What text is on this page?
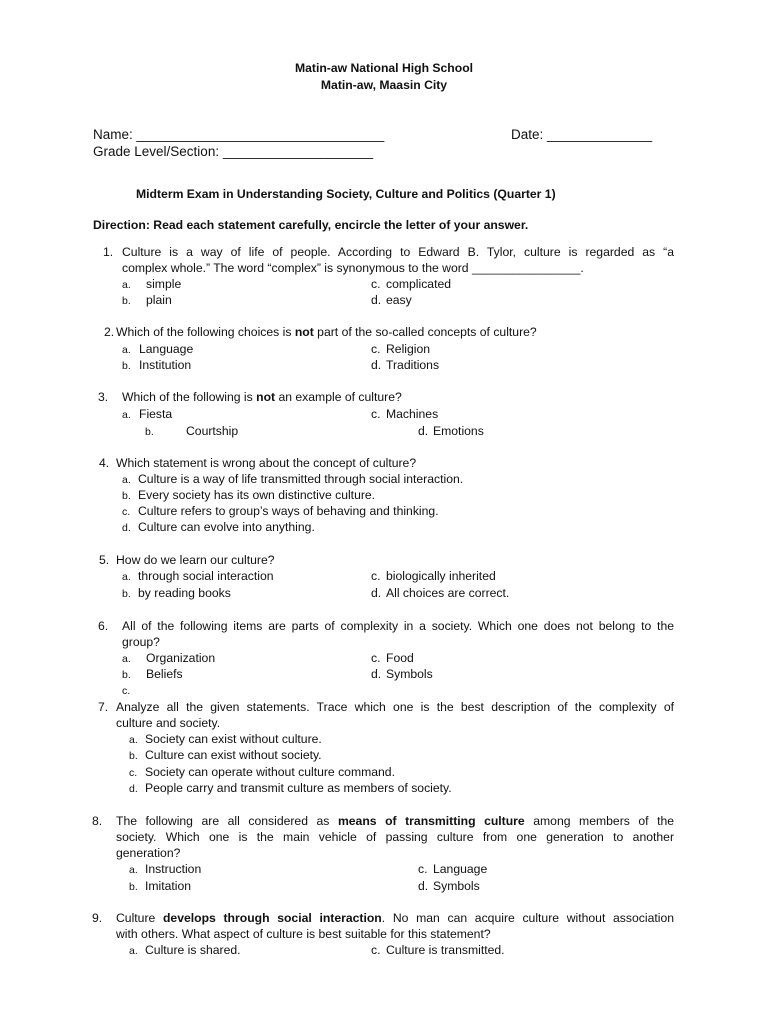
Matin-aw National High School
Matin-aw, Maasin City
Name: _________________________________	Date: ______________
Grade Level/Section: ____________________
Midterm Exam in Understanding Society, Culture and Politics (Quarter 1)
Direction: Read each statement carefully, encircle the letter of your answer.
1. Culture is a way of life of people. According to Edward B. Tylor, culture is regarded as “a
complex whole.” The word “complex” is synonymous to the word ________________.
a. simple	c. complicated
b. plain	d. easy
2. Which of the following choices is not part of the so-called concepts of culture?
a. Language	c. Religion
b. Institution	d. Traditions
3. Which of the following is not an example of culture?
a. Fiesta	c. Machines
b.	Courtship	d. Emotions
4. Which statement is wrong about the concept of culture?
a. Culture is a way of life transmitted through social interaction.
b. Every society has its own distinctive culture.
c. Culture refers to group’s ways of behaving and thinking.
d. Culture can evolve into anything.
5. How do we learn our culture?
a. through social interaction	c. biologically inherited
b. by reading books	d. All choices are correct.
6. All of the following items are parts of complexity in a society. Which one does not belong to the
group?
a. Organization	c. Food
b. Beliefs	d. Symbols
c.
7. Analyze all the given statements. Trace which one is the best description of the complexity of
culture and society.
a. Society can exist without culture.
b. Culture can exist without society.
c. Society can operate without culture command.
d. People carry and transmit culture as members of society.
8. The following are all considered as means of transmitting culture among members of the
society. Which one is the main vehicle of passing culture from one generation to another
generation?
a. Instruction	c. Language
b. Imitation	d. Symbols
9. Culture develops through social interaction. No man can acquire culture without association
with others. What aspect of culture is best suitable for this statement?
a. Culture is shared.	c. Culture is transmitted.
